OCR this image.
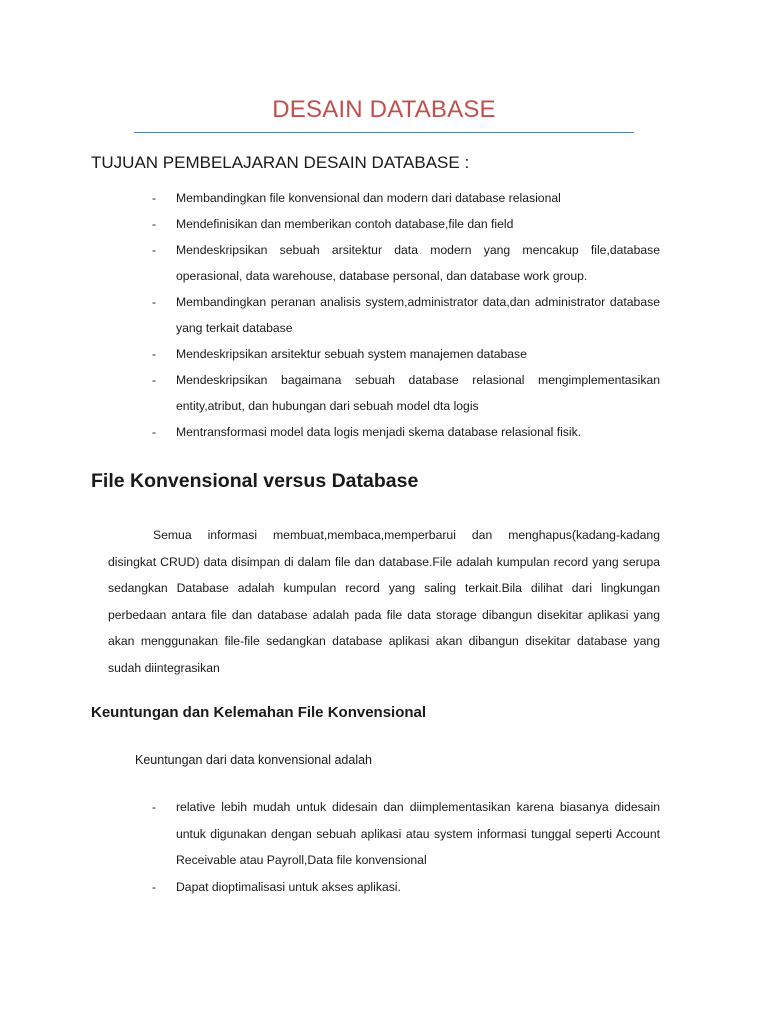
DESAIN DATABASE
TUJUAN PEMBELAJARAN DESAIN DATABASE :
- Membandingkan file konvensional dan modern dari database relasional
- Mendefinisikan dan memberikan contoh database,file dan field
- Mendeskripsikan sebuah arsitektur data modern yang mencakup file,database operasional, data warehouse, database personal, dan database work group.
- Membandingkan peranan analisis system,administrator data,dan administrator database yang terkait database
- Mendeskripsikan arsitektur sebuah system manajemen database
- Mendeskripsikan bagaimana sebuah database relasional mengimplementasikan entity,atribut, dan hubungan dari sebuah model dta logis
- Mentransformasi model data logis menjadi skema database relasional fisik.
File Konvensional versus Database

Semua informasi membuat,membaca,memperbarui dan menghapus(kadang-kadang disingkat CRUD) data disimpan di dalam file dan database.File adalah kumpulan record yang serupa sedangkan Database adalah kumpulan record yang saling terkait.Bila dilihat dari lingkungan perbedaan antara file dan database adalah pada file data storage dibangun disekitar aplikasi yang akan menggunakan file-file sedangkan database aplikasi akan dibangun disekitar database yang sudah diintegrasikan

Keuntungan dan Kelemahan File Konvensional
Keuntungan dari data konvensional adalah
- relative lebih mudah untuk didesain dan diimplementasikan karena biasanya didesain untuk digunakan dengan sebuah aplikasi atau system informasi tunggal seperti Account Receivable atau Payroll,Data file konvensional
- Dapat dioptimalisasi untuk akses aplikasi.
